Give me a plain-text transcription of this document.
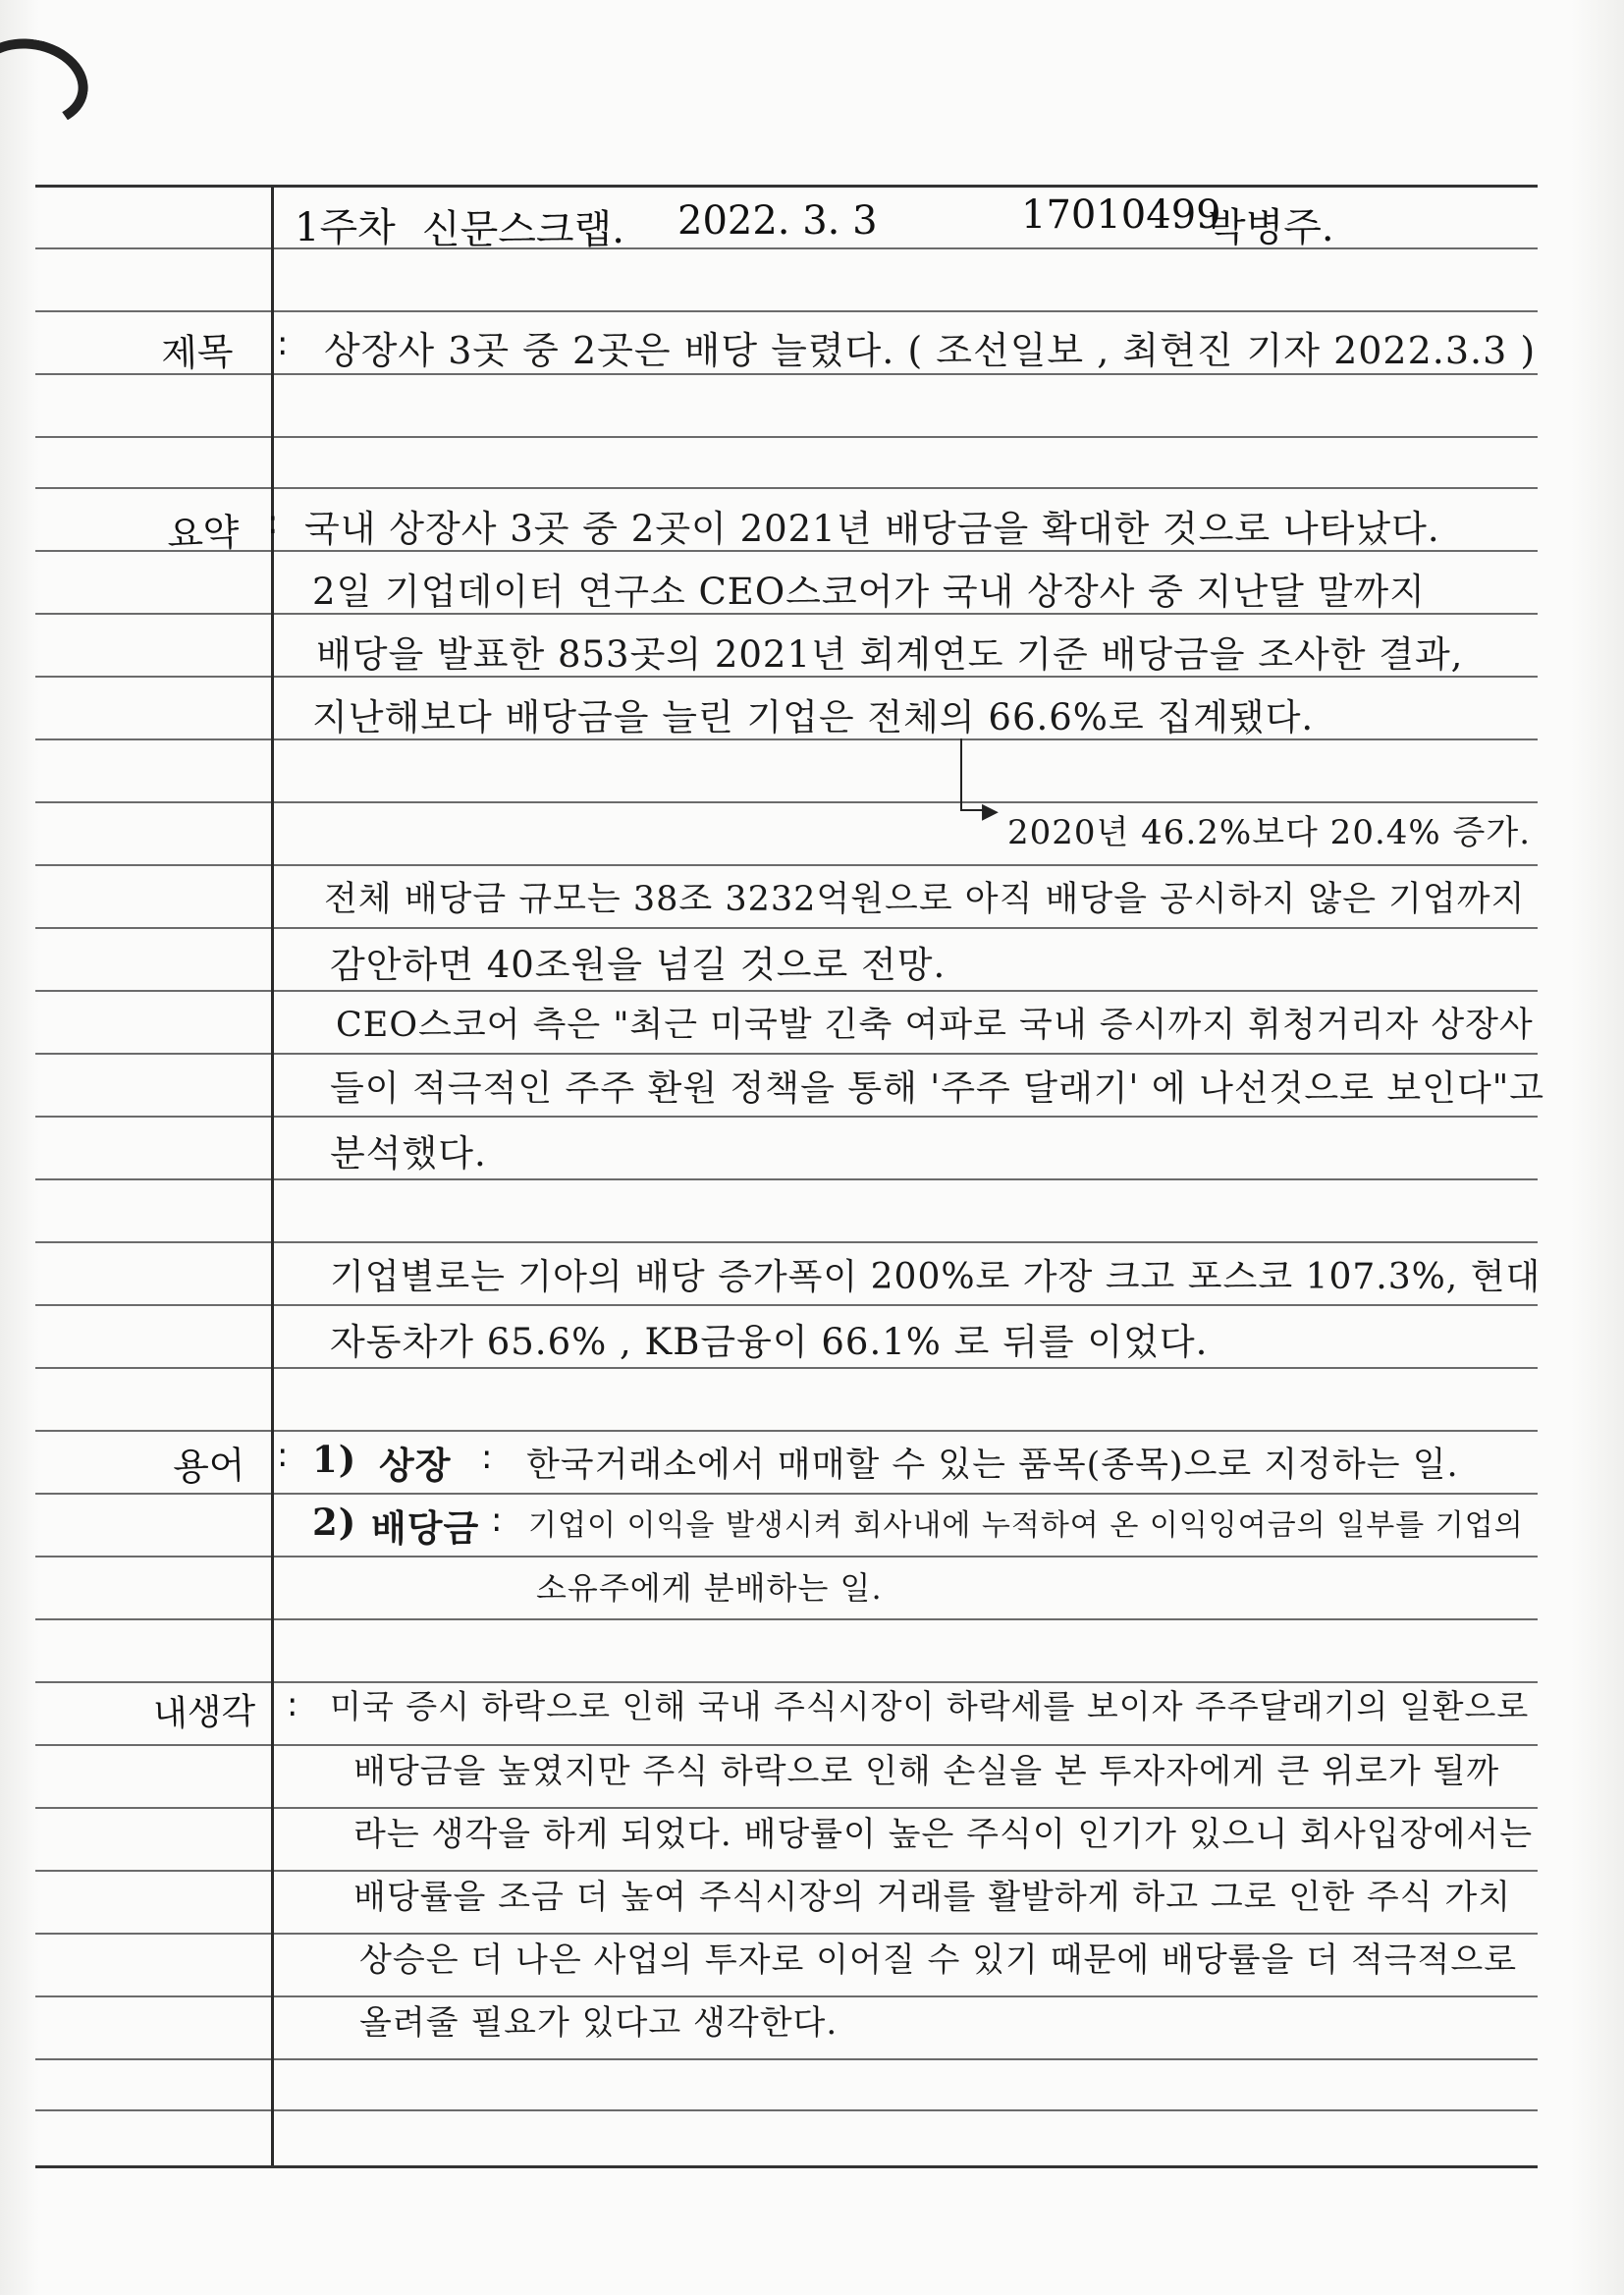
1주차 신문스크랩. 2022. 3. 3	17010499
박병주.
제목 : 상장사 3곳 중 2곳은 배당 늘렸다. ( 조선일보 , 최현진 기자 2022.3.3 )
요약 : 국내 상장사 3곳 중 2곳이 2021년 배당금을 확대한 것으로 나타났다.
2일 기업데이터 연구소 CEO스코어가 국내 상장사 중 지난달 말까지
배당을 발표한 853곳의 2021년 회계연도 기준 배당금을 조사한 결과,
지난해보다 배당금을 늘린 기업은 전체의 66.6%로 집계됐다.
▶
2020년 46.2%보다 20.4% 증가.
전체 배당금 규모는 38조 3232억원으로 아직 배당을 공시하지 않은 기업까지
감안하면 40조원을 넘길 것으로 전망.
CEO스코어 측은 "최근 미국발 긴축 여파로 국내 증시까지 휘청거리자 상장사
들이 적극적인 주주 환원 정책을 통해 '주주 달래기' 에 나선것으로 보인다"고
분석했다.
기업별로는 기아의 배당 증가폭이 200%로 가장 크고 포스코 107.3%, 현대
자동차가 65.6% , KB금융이 66.1% 로 뒤를 이었다.
용어 : 1) 상장 : 한국거래소에서 매매할 수 있는 품목(종목)으로 지정하는 일.
2) 배당금 : 기업이 이익을 발생시켜 회사내에 누적하여 온 이익잉여금의 일부를 기업의
소유주에게 분배하는 일.
내생각 : 미국 증시 하락으로 인해 국내 주식시장이 하락세를 보이자 주주달래기의 일환으로
배당금을 높였지만 주식 하락으로 인해 손실을 본 투자자에게 큰 위로가 될까
라는 생각을 하게 되었다. 배당률이 높은 주식이 인기가 있으니 회사입장에서는
배당률을 조금 더 높여 주식시장의 거래를 활발하게 하고 그로 인한 주식 가치
상승은 더 나은 사업의 투자로 이어질 수 있기 때문에 배당률을 더 적극적으로
올려줄 필요가 있다고 생각한다.
